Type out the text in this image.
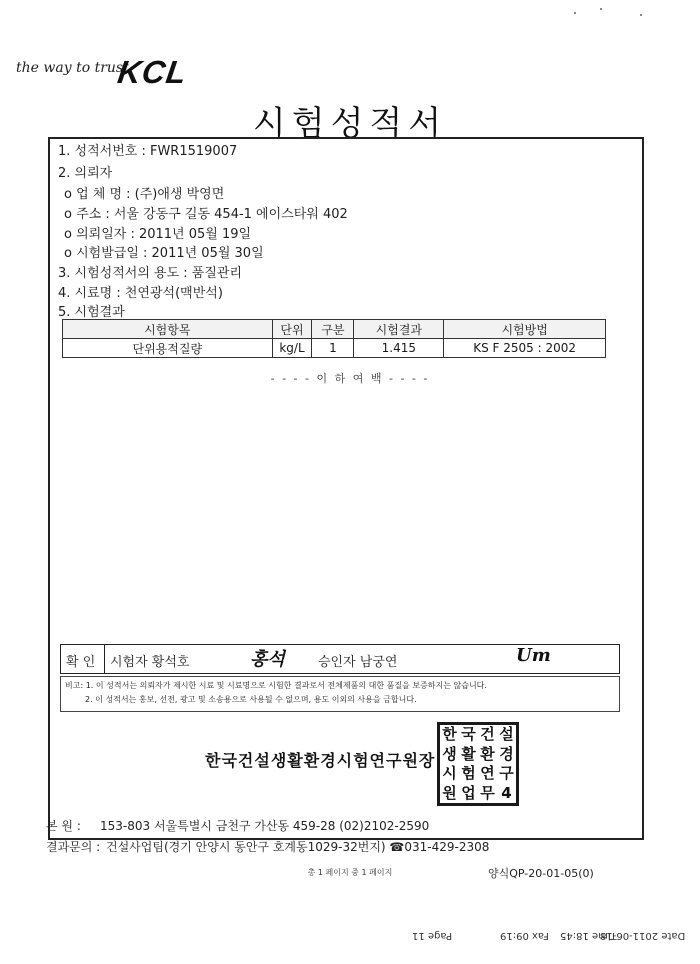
the way to trust
KCL
시험성적서
1. 성적서번호 : FWR1519007
2. 의뢰자
o 업 체 명 : (주)애생 박영면
o 주소 : 서울 강동구 길동 454-1 에이스타워 402
o 의뢰일자 : 2011년 05월 19일
o 시험발급일 : 2011년 05월 30일
3. 시험성적서의 용도 : 품질관리
4. 시료명 : 천연광석(맥반석)
5. 시험결과
시험항목	단위	구분	시험결과	시험방법
단위용적질량	kg/L	1	1.415	KS F 2505 : 2002
- - - - 이 하 여 백 - - - -
확 인 시험자 황석호	홍석	승인자 남궁연	Um
비고: 1. 이 성적서는 의뢰자가 제시한 시료 및 시료명으로 시험한 결과로서 전체제품의 대한 품질을 보증하지는 않습니다.
2. 이 성적서는 홍보, 선전, 광고 및 소송용으로 사용될 수 없으며, 용도 이외의 사용을 금합니다.
한국건설생활환경시험연구원장
한 국 건 설
생 활 환 경
시 험 연 구
원 업 무 4
본 원 : 153-803 서울특별시 금천구 가산동 459-28 (02)2102-2590
결과문의 : 건설사업팀(경기 안양시 동안구 호계동1029-32번지) ☎031-429-2308
총 1 페이지 중 1 페이지	양식QP-20-01-05(0)
Page 11	Fax 09:19 Time 18:45
Date 2011-06-18
